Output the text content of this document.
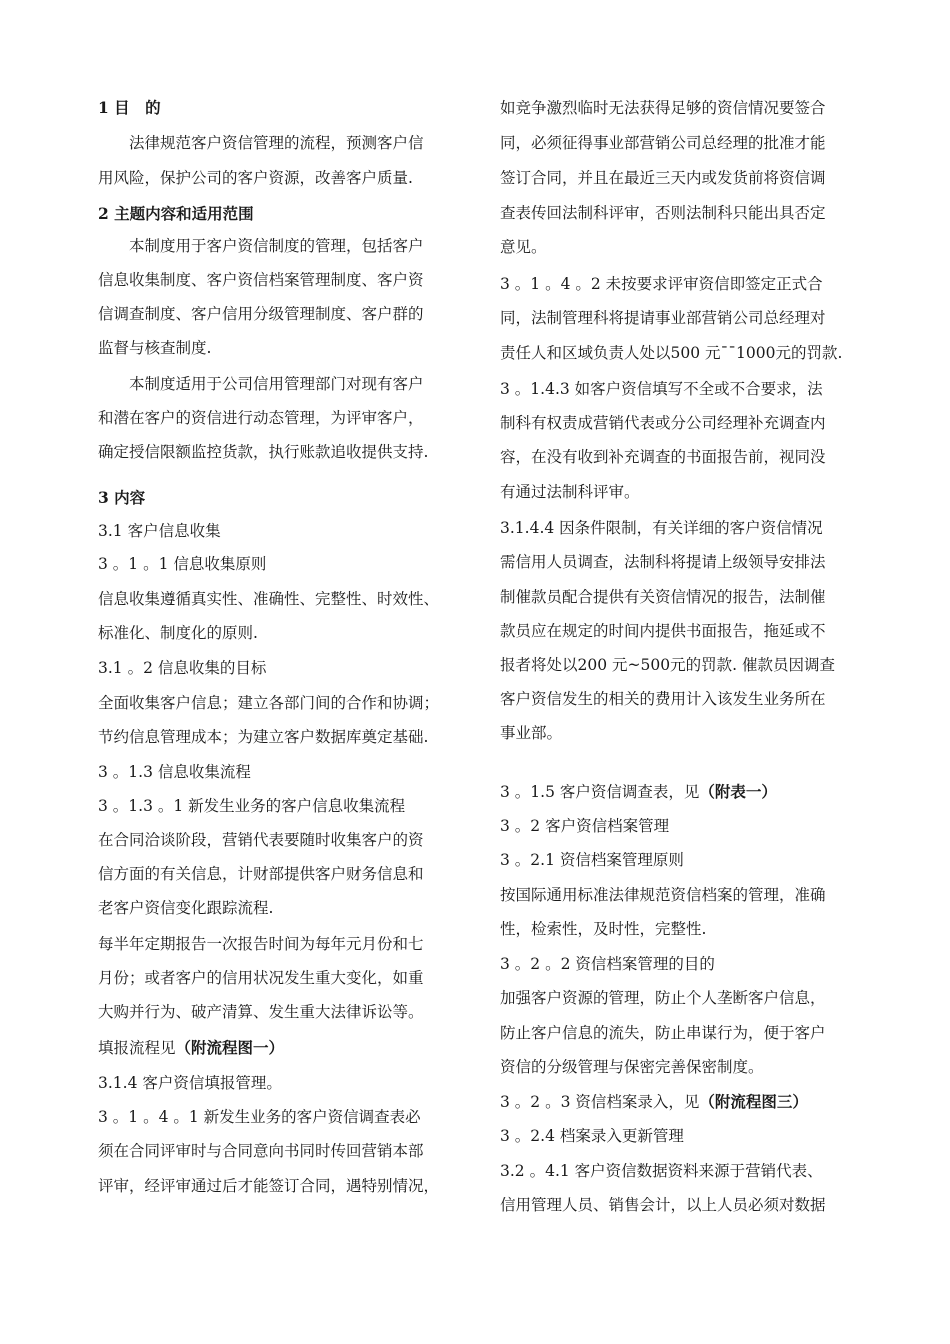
1 目　的
法律规范客户资信管理的流程，预测客户信
用风险，保护公司的客户资源，改善客户质量.
2 主题内容和适用范围
本制度用于客户资信制度的管理，包括客户
信息收集制度、客户资信档案管理制度、客户资
信调查制度、客户信用分级管理制度、客户群的
监督与核查制度.
本制度适用于公司信用管理部门对现有客户
和潜在客户的资信进行动态管理，为评审客户，
确定授信限额监控货款，执行账款追收提供支持.
3 内容
3.1 客户信息收集
3 。1 。1 信息收集原则
信息收集遵循真实性、准确性、完整性、时效性、
标准化、制度化的原则.
3.1 。2 信息收集的目标
全面收集客户信息；建立各部门间的合作和协调；
节约信息管理成本；为建立客户数据库奠定基础.
3 。1.3 信息收集流程
3 。1.3 。1 新发生业务的客户信息收集流程
在合同洽谈阶段，营销代表要随时收集客户的资
信方面的有关信息，计财部提供客户财务信息和
老客户资信变化跟踪流程.
每半年定期报告一次报告时间为每年元月份和七
月份；或者客户的信用状况发生重大变化，如重
大购并行为、破产清算、发生重大法律诉讼等。
填报流程见（附流程图一）
3.1.4 客户资信填报管理。
3 。1 。4 。1 新发生业务的客户资信调查表必
须在合同评审时与合同意向书同时传回营销本部
评审，经评审通过后才能签订合同，遇特别情况，
如竞争激烈临时无法获得足够的资信情况要签合
同，必须征得事业部营销公司总经理的批准才能
签订合同，并且在最近三天内或发货前将资信调
查表传回法制科评审，否则法制科只能出具否定
意见。
3 。1 。4 。2 未按要求评审资信即签定正式合
同，法制管理科将提请事业部营销公司总经理对
责任人和区域负责人处以500 元¯¯1000元的罚款.
3 。1.4.3 如客户资信填写不全或不合要求，法
制科有权责成营销代表或分公司经理补充调查内
容，在没有收到补充调查的书面报告前，视同没
有通过法制科评审。
3.1.4.4 因条件限制，有关详细的客户资信情况
需信用人员调查，法制科将提请上级领导安排法
制催款员配合提供有关资信情况的报告，法制催
款员应在规定的时间内提供书面报告，拖延或不
报者将处以200 元~500元的罚款. 催款员因调查
客户资信发生的相关的费用计入该发生业务所在
事业部。
3 。1.5 客户资信调查表，见（附表一）
3 。2 客户资信档案管理
3 。2.1 资信档案管理原则
按国际通用标准法律规范资信档案的管理，准确
性，检索性，及时性，完整性.
3 。2 。2 资信档案管理的目的
加强客户资源的管理，防止个人垄断客户信息，
防止客户信息的流失，防止串谋行为，便于客户
资信的分级管理与保密完善保密制度。
3 。2 。3 资信档案录入，见（附流程图三）
3 。2.4 档案录入更新管理
3.2 。4.1 客户资信数据资料来源于营销代表、
信用管理人员、销售会计，以上人员必须对数据
